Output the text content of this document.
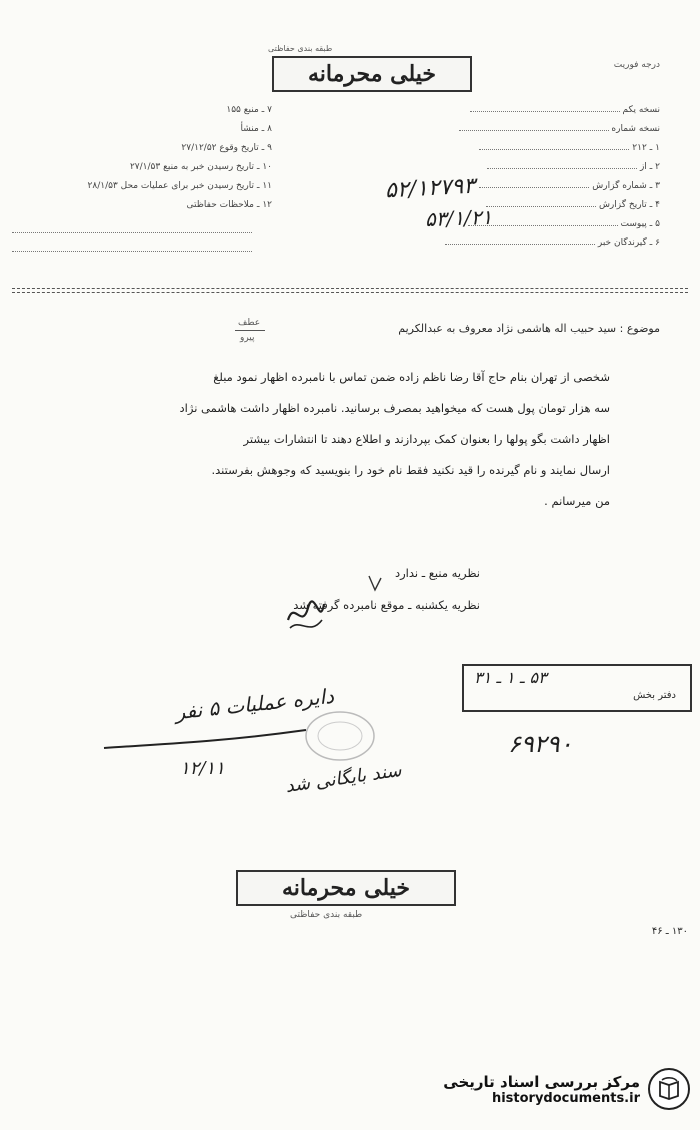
درجه فوریت
طبقه بندی حفاظتی
خیلی محرمانه
نسخه یکم
نسخه شماره
۱ ـ ۲۱۲
۲ ـ از
۳ ـ شماره گزارش
۴ ـ تاریخ گزارش
۵ ـ پیوست
۶ ـ گیرندگان خبر
۷ ـ منبع ۱۵۵
۸ ـ منشأ
۹ ـ تاریخ وقوع ۲۷/۱۲/۵۲
۱۰ ـ تاریخ رسیدن خبر به منبع ۲۷/۱/۵۳
۱۱ ـ تاریخ رسیدن خبر برای عملیات محل ۲۸/۱/۵۳
۱۲ ـ ملاحظات حفاظتی

۵۲/۱۲۷۹۳
۵۳/۱/۲۱
موضوع : سید حبیب اله هاشمی نژاد معروف به عبدالکریم
عطف
پیرو
شخصی از تهران بنام حاج آقا رضا ناظم زاده ضمن تماس با نامبرده اظهار نمود مبلغ
سه هزار تومان پول هست که میخواهید بمصرف برسانید. نامبرده اظهار داشت هاشمی نژاد
اظهار داشت بگو پولها را بعنوان کمک بپردازند و اطلاع دهند تا انتشارات بیشتر
ارسال نمایند و نام گیرنده را قید نکنید فقط نام خود را بنویسید که وجوهش بفرستند.
من میرسانم .
نظریه منبع ـ ندارد
نظریه یکشنبه ـ موقع نامبرده گرفته شد
۵۳ ـ ۱ ـ ۳۱
دفتر بخش
دایره عملیات ۵ نفر
۱۲/۱۱
۶۹۲۹۰
سند بایگانی شد
خیلی محرمانه
طبقه بندی حفاظتی
۱۳۰ ـ ۴۶
مرکز بررسی اسناد تاریخی
historydocuments.ir
